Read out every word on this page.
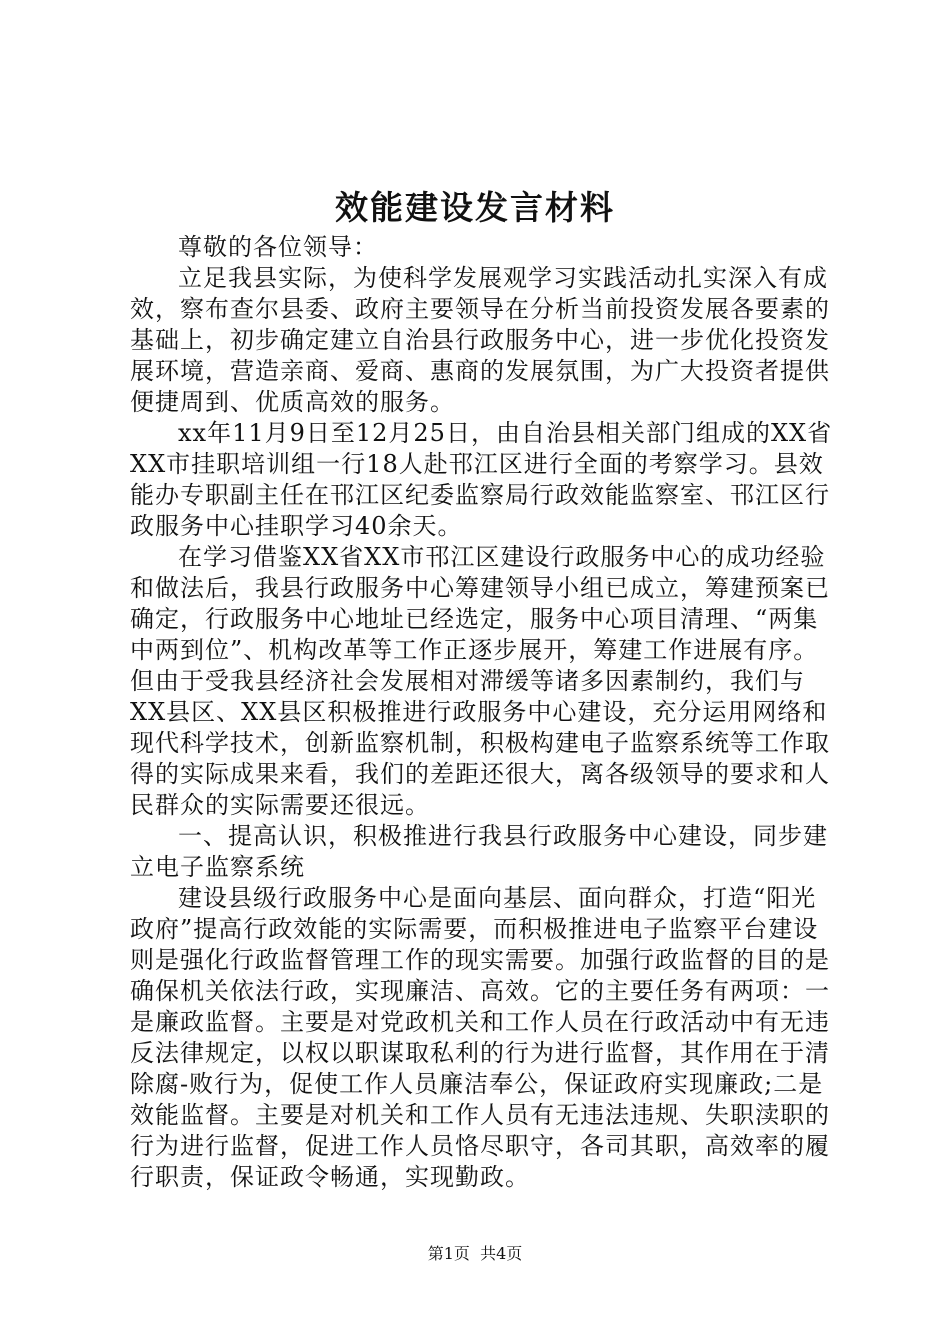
效能建设发言材料

尊敬的各位领导：

立足我县实际，为使科学发展观学习实践活动扎实深入有成效，察布查尔县委、政府主要领导在分析当前投资发展各要素的基础上，初步确定建立自治县行政服务中心，进一步优化投资发展环境，营造亲商、爱商、惠商的发展氛围，为广大投资者提供便捷周到、优质高效的服务。

xx年11月9日至12月25日，由自治县相关部门组成的XX省XX市挂职培训组一行18人赴邗江区进行全面的考察学习。县效能办专职副主任在邗江区纪委监察局行政效能监察室、邗江区行政服务中心挂职学习40余天。

在学习借鉴XX省XX市邗江区建设行政服务中心的成功经验和做法后，我县行政服务中心筹建领导小组已成立，筹建预案已确定，行政服务中心地址已经选定，服务中心项目清理、“两集中两到位”、机构改革等工作正逐步展开，筹建工作进展有序。但由于受我县经济社会发展相对滞缓等诸多因素制约，我们与XX县区、XX县区积极推进行政服务中心建设，充分运用网络和现代科学技术，创新监察机制，积极构建电子监察系统等工作取得的实际成果来看，我们的差距还很大，离各级领导的要求和人民群众的实际需要还很远。

一、提高认识，积极推进行我县行政服务中心建设，同步建立电子监察系统

建设县级行政服务中心是面向基层、面向群众，打造“阳光政府”提高行政效能的实际需要，而积极推进电子监察平台建设则是强化行政监督管理工作的现实需要。加强行政监督的目的是确保机关依法行政，实现廉洁、高效。它的主要任务有两项：一是廉政监督。主要是对党政机关和工作人员在行政活动中有无违反法律规定，以权以职谋取私利的行为进行监督，其作用在于清除腐-败行为，促使工作人员廉洁奉公，保证政府实现廉政;二是效能监督。主要是对机关和工作人员有无违法违规、失职渎职的行为进行监督，促进工作人员恪尽职守，各司其职，高效率的履行职责，保证政令畅通，实现勤政。

第1页 共4页
